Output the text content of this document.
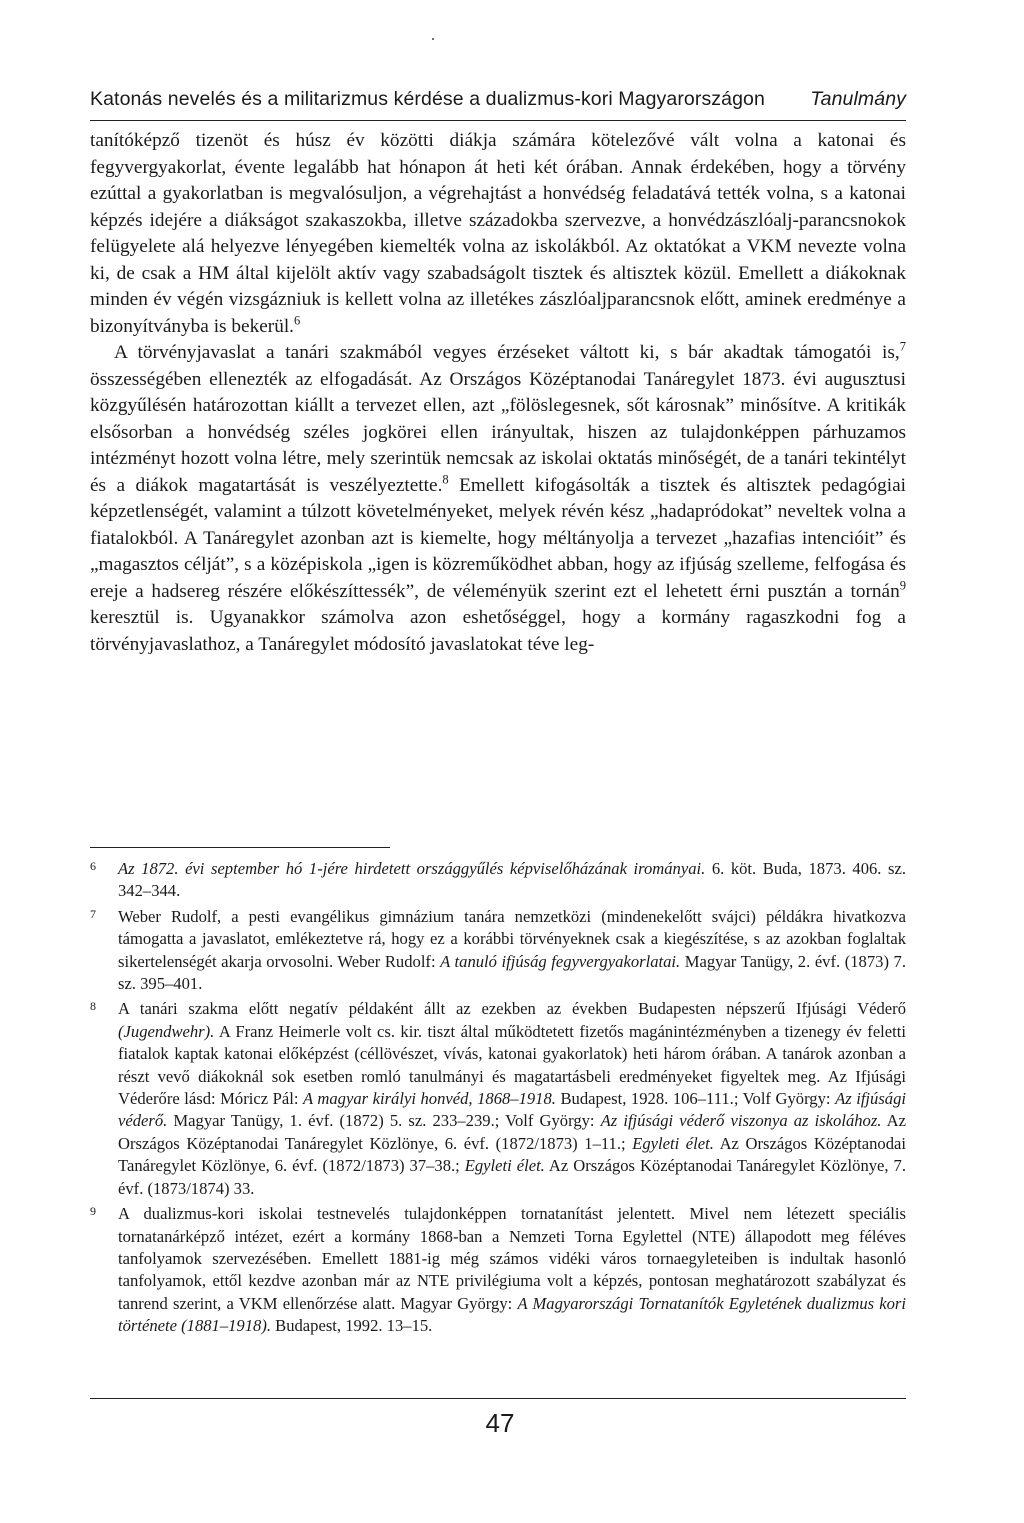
Katonás nevelés és a militarizmus kérdése a dualizmus-kori Magyarországon Tanulmány

tanítóképző tizenöt és húsz év közötti diákja számára kötelezővé vált volna a katonai és fegyvergyakorlat, évente legalább hat hónapon át heti két órában. Annak érdekében, hogy a törvény ezúttal a gyakorlatban is megvalósuljon, a végrehajtást a honvédség feladatává tették volna, s a katonai képzés idejére a diákságot szakaszokba, illetve századokba szervezve, a honvédzászlóalj-parancsnokok felügyelete alá helyezve lényegében kiemelték volna az iskolákból. Az oktatókat a VKM nevezte volna ki, de csak a HM által kijelölt aktív vagy szabadságolt tisztek és altisztek közül. Emellett a diákoknak minden év végén vizsgázniuk is kellett volna az illetékes zászlóaljparancsnok előtt, aminek eredménye a bizonyítványba is bekerül.$^6$

A törvényjavaslat a tanári szakmából vegyes érzéseket váltott ki, s bár akadtak támogatói is,$^7$ összességében ellenezték az elfogadását. Az Országos Középtanodai Tanáregylet 1873. évi augusztusi közgyűlésén határozottan kiállt a tervezet ellen, azt „fölöslegesnek, sőt károsnak” minősítve. A kritikák elsősorban a honvédség széles jogkörei ellen irányultak, hiszen az tulajdonképpen párhuzamos intézményt hozott volna létre, mely szerintük nemcsak az iskolai oktatás minőségét, de a tanári tekintélyt és a diákok magatartását is veszélyeztette.$^8$ Emellett kifogásolták a tisztek és altisztek pedagógiai képzetlenségét, valamint a túlzott követelményeket, melyek révén kész „hadapródokat” neveltek volna a fiatalokból. A Tanáregylet azonban azt is kiemelte, hogy méltányolja a tervezet „hazafias intencióit” és „magasztos célját”, s a középiskola „igen is közreműködhet abban, hogy az ifjúság szelleme, felfogása és ereje a hadsereg részére előkészíttessék”, de véleményük szerint ezt el lehetett érni pusztán a tornán$^9$ keresztül is. Ugyanakkor számolva azon eshetőséggel, hogy a kormány ragaszkodni fog a törvényjavaslathoz, a Tanáregylet módosító javaslatokat téve leg-

6 Az 1872. évi september hó 1-jére hirdetett országgyűlés képviselőházának irományai. 6. köt. Buda, 1873. 406. sz. 342–344.
7 Weber Rudolf, a pesti evangélikus gimnázium tanára nemzetközi (mindenekelőtt svájci) példákra hivatkozva támogatta a javaslatot, emlékeztetve rá, hogy ez a korábbi törvényeknek csak a kiegészítése, s az azokban foglaltak sikertelenségét akarja orvosolni. Weber Rudolf: A tanuló ifjúság fegyvergyakorlatai. Magyar Tanügy, 2. évf. (1873) 7. sz. 395–401.
8 A tanári szakma előtt negatív példaként állt az ezekben az években Budapesten népszerű Ifjúsági Véderő (Jugendwehr). A Franz Heimerle volt cs. kir. tiszt által működtetett fizetős magánintézményben a tizenegy év feletti fiatalok kaptak katonai előképzést (céllövészet, vívás, katonai gyakorlatok) heti három órában. A tanárok azonban a részt vevő diákoknál sok esetben romló tanulmányi és magatartásbeli eredményeket figyeltek meg. Az Ifjúsági Véderőre lásd: Móricz Pál: A magyar királyi honvéd, 1868–1918. Budapest, 1928. 106–111.; Volf György: Az ifjúsági véderő. Magyar Tanügy, 1. évf. (1872) 5. sz. 233–239.; Volf György: Az ifjúsági véderő viszonya az iskolához. Az Országos Középtanodai Tanáregylet Közlönye, 6. évf. (1872/1873) 1–11.; Egyleti élet. Az Országos Középtanodai Tanáregylet Közlönye, 6. évf. (1872/1873) 37–38.; Egyleti élet. Az Országos Középtanodai Tanáregylet Közlönye, 7. évf. (1873/1874) 33.
9 A dualizmus-kori iskolai testnevelés tulajdonképpen tornatanítást jelentett. Mivel nem létezett speciális tornatanárképző intézet, ezért a kormány 1868-ban a Nemzeti Torna Egylettel (NTE) állapodott meg féléves tanfolyamok szervezésében. Emellett 1881-ig még számos vidéki város tornaegyleteiben is indultak hasonló tanfolyamok, ettől kezdve azonban már az NTE privilégiuma volt a képzés, pontosan meghatározott szabályzat és tanrend szerint, a VKM ellenőrzése alatt. Magyar György: A Magyarországi Tornatanítók Egyletének dualizmus kori története (1881–1918). Budapest, 1992. 13–15.
47
